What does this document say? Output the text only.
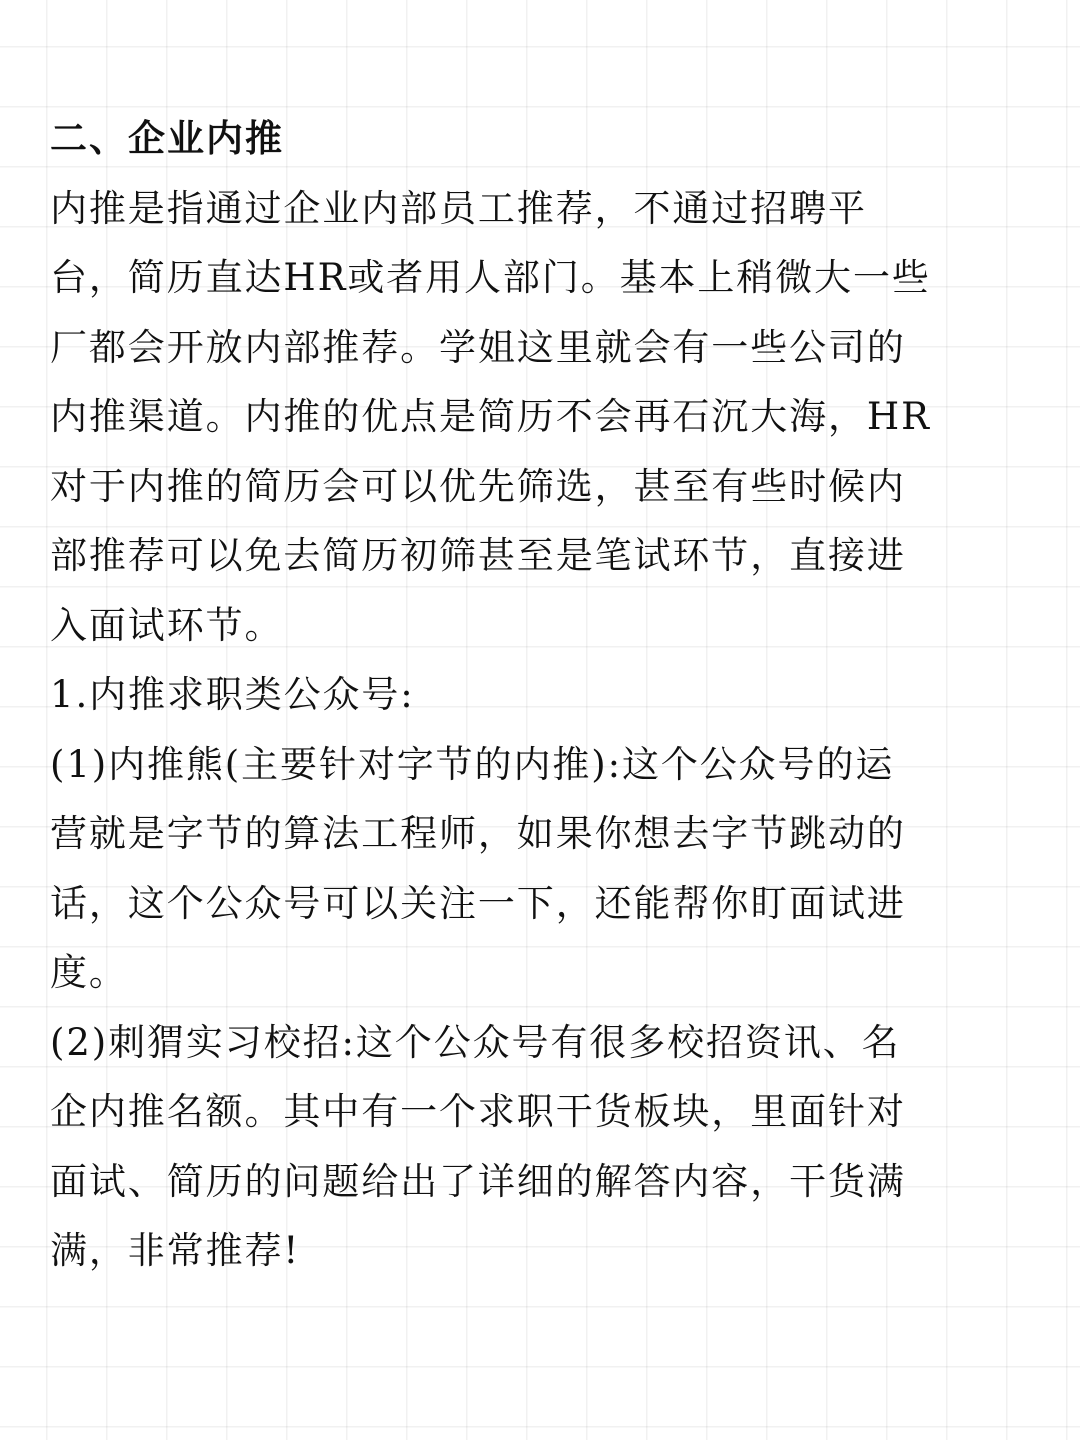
二、企业内推
内推是指通过企业内部员工推荐，不通过招聘平
台，简历直达HR或者用人部门。基本上稍微大一些
厂都会开放内部推荐。学姐这里就会有一些公司的
内推渠道。内推的优点是简历不会再石沉大海，HR
对于内推的简历会可以优先筛选，甚至有些时候内
部推荐可以免去简历初筛甚至是笔试环节，直接进
入面试环节。
1.内推求职类公众号:
(1)内推熊(主要针对字节的内推):这个公众号的运
营就是字节的算法工程师，如果你想去字节跳动的
话，这个公众号可以关注一下，还能帮你盯面试进
度。
(2)刺猬实习校招:这个公众号有很多校招资讯、名
企内推名额。其中有一个求职干货板块，里面针对
面试、简历的问题给出了详细的解答内容，干货满
满，非常推荐!
